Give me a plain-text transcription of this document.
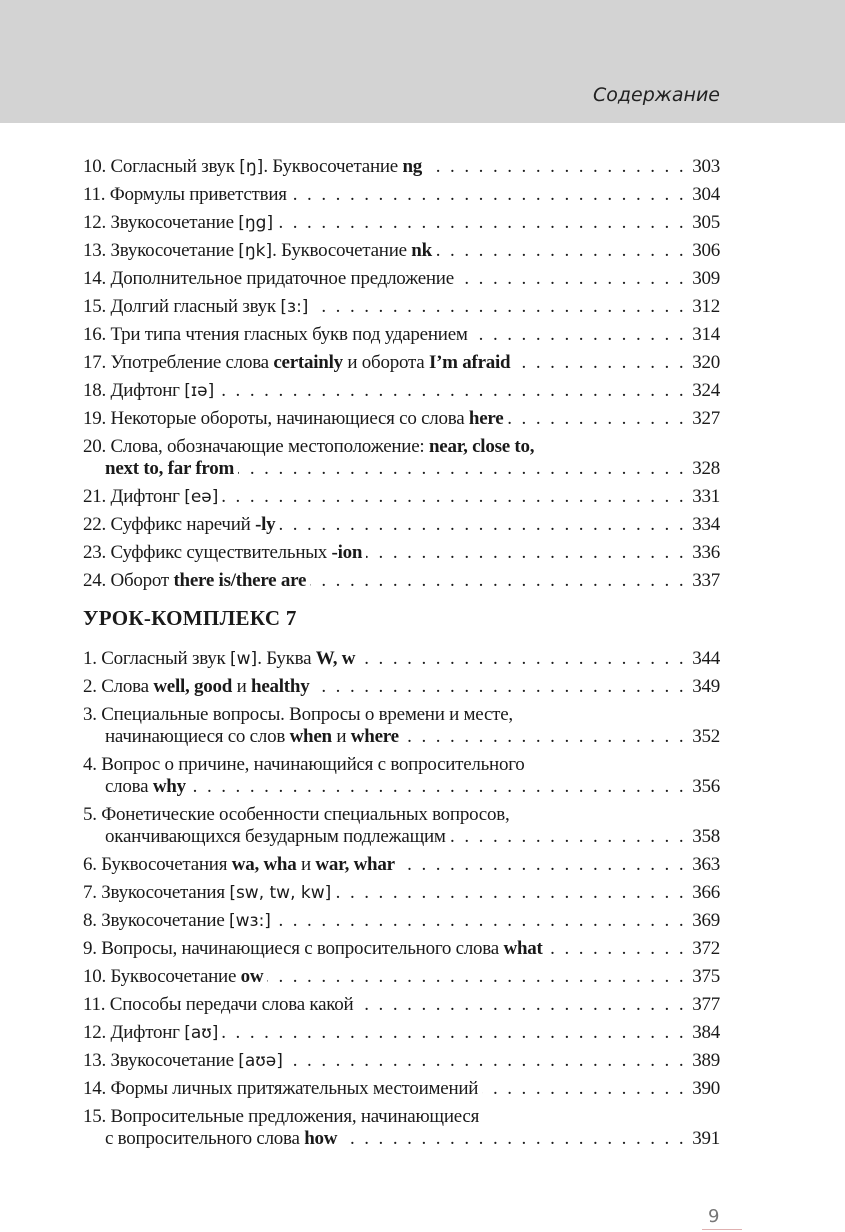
Содержание
10. Согласный звук [ŋ]. Буквосочетание ng . . .	303
11. Формулы приветствия . . .	304
12. Звукосочетание [ŋg] . . .	305
13. Звукосочетание [ŋk]. Буквосочетание nk . . .	306
14. Дополнительное придаточное предложение . . .	309
15. Долгий гласный звук [ɜ:] . . .	312
16. Три типа чтения гласных букв под ударением . . .	314
17. Употребление слова certainly и оборота I’m afraid . . .	320
18. Дифтонг [ɪə] . . .	324
19. Некоторые обороты, начинающиеся со слова here . . .	327
20. Слова, обозначающие местоположение: near, close to,
next to, far from . . .	328
21. Дифтонг [eə] . . .	331
22. Суффикс наречий -ly . . .	334
23. Суффикс существительных -ion . . .	336
24. Оборот there is/there are . . .	337
УРОК-КОМПЛЕКС 7
1. Согласный звук [w]. Буква W, w . . .	344
2. Слова well, good и healthy . . .	349
3. Специальные вопросы. Вопросы о времени и месте,
начинающиеся со слов when и where . . .	352
4. Вопрос о причине, начинающийся с вопросительного
слова why . . .	356
5. Фонетические особенности специальных вопросов,
оканчивающихся безударным подлежащим . . .	358
6. Буквосочетания wa, wha и war, whar . . .	363
7. Звукосочетания [sw, tw, kw] . . .	366
8. Звукосочетание [wɜ:] . . .	369
9. Вопросы, начинающиеся с вопросительного слова what . . .	372
10. Буквосочетание ow . . .	375
11. Способы передачи слова какой . . .	377
12. Дифтонг [aʊ] . . .	384
13. Звукосочетание [aʊə] . . .	389
14. Формы личных притяжательных местоимений . . .	390
15. Вопросительные предложения, начинающиеся
с вопросительного слова how . . .	391
9
